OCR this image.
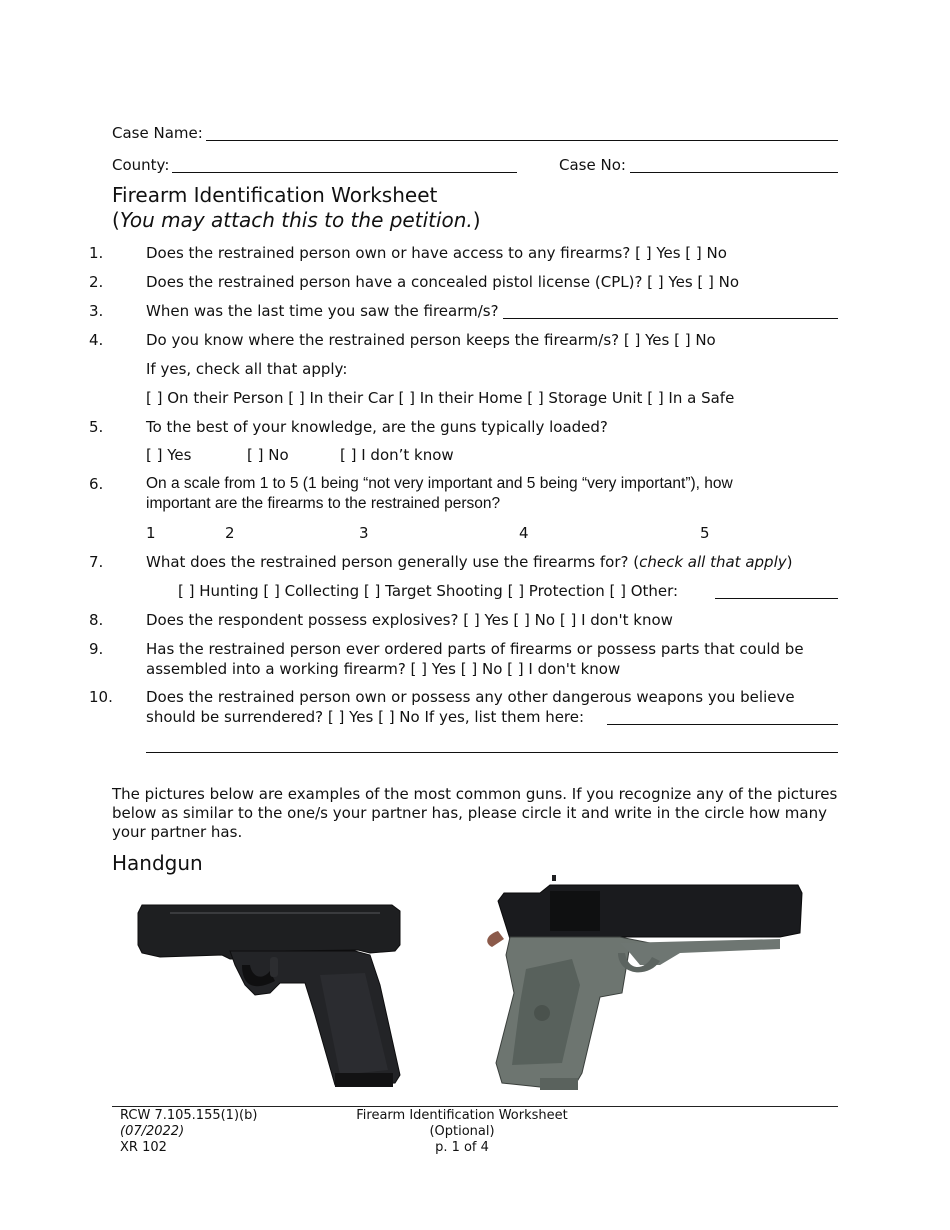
Case Name:
County:	Case No:
Firearm Identification Worksheet
(You may attach this to the petition.)
1.	Does the restrained person own or have access to any firearms? [ ] Yes [ ] No
2.	Does the restrained person have a concealed pistol license (CPL)? [ ] Yes [ ] No
3.	When was the last time you saw the firearm/s?
4.	Do you know where the restrained person keeps the firearm/s? [ ] Yes [ ] No
If yes, check all that apply:
[ ] On their Person [ ] In their Car [ ] In their Home [ ] Storage Unit [ ] In a Safe
5.	To the best of your knowledge, are the guns typically loaded?
[ ] Yes	[ ] No	[ ] I don’t know
6.	On a scale from 1 to 5 (1 being “not very important and 5 being “very important”), how
important are the firearms to the restrained person?
1	2	3	4	5
7.	What does the restrained person generally use the firearms for? (check all that apply)
[ ] Hunting [ ] Collecting [ ] Target Shooting [ ] Protection [ ] Other:
8.	Does the respondent possess explosives? [ ] Yes [ ] No [ ] I don't know
9.	Has the restrained person ever ordered parts of firearms or possess parts that could be
assembled into a working firearm? [ ] Yes [ ] No [ ] I don't know
10. Does the restrained person own or possess any other dangerous weapons you believe
should be surrendered? [ ] Yes [ ] No If yes, list them here:
The pictures below are examples of the most common guns. If you recognize any of the pictures below as similar to the one/s your partner has, please circle it and write in the circle how many your partner has.
Handgun
RCW 7.105.155(1)(b)
(07/2022)
XR 102
Firearm Identification Worksheet
(Optional)
p. 1 of 4
